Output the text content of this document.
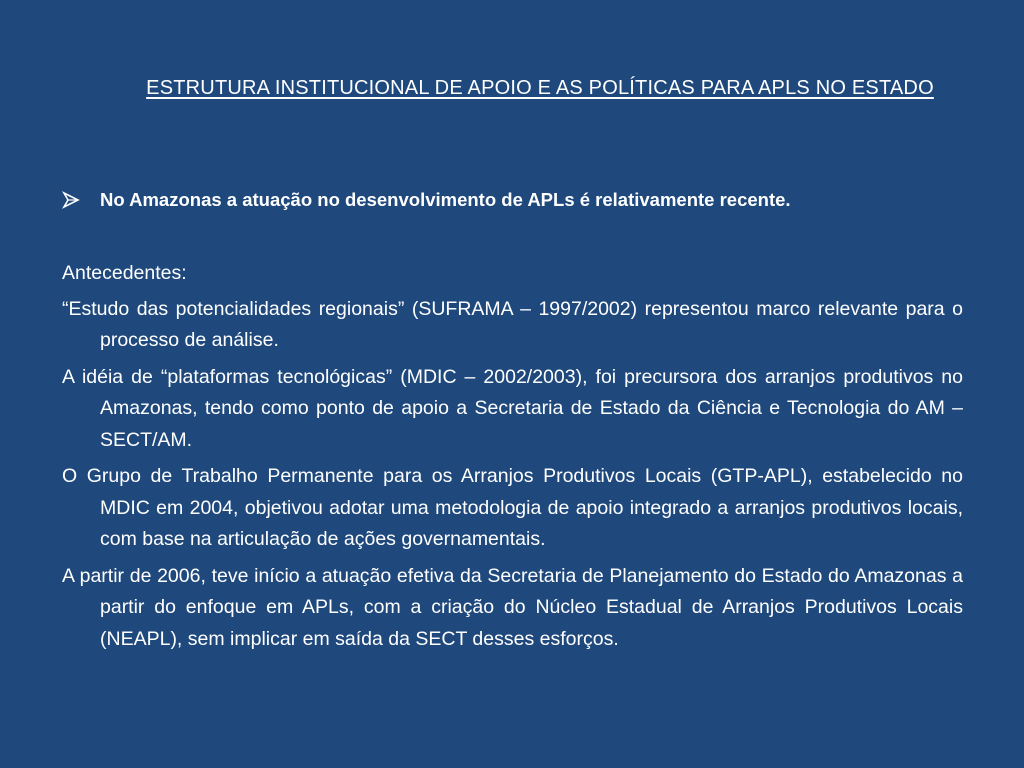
ESTRUTURA INSTITUCIONAL DE APOIO E AS POLÍTICAS PARA APLS NO ESTADO
No Amazonas a atuação no desenvolvimento de APLs é relativamente recente.
Antecedentes:

“Estudo das potencialidades regionais” (SUFRAMA – 1997/2002) representou marco relevante para o processo de análise.

A idéia de “plataformas tecnológicas” (MDIC – 2002/2003), foi precursora dos arranjos produtivos no Amazonas, tendo como ponto de apoio a Secretaria de Estado da Ciência e Tecnologia do AM – SECT/AM.

O Grupo de Trabalho Permanente para os Arranjos Produtivos Locais (GTP-APL), estabelecido no MDIC em 2004, objetivou adotar uma metodologia de apoio integrado a arranjos produtivos locais, com base na articulação de ações governamentais.

A partir de 2006, teve início a atuação efetiva da Secretaria de Planejamento do Estado do Amazonas a partir do enfoque em APLs, com a criação do Núcleo Estadual de Arranjos Produtivos Locais (NEAPL), sem implicar em saída da SECT desses esforços.
